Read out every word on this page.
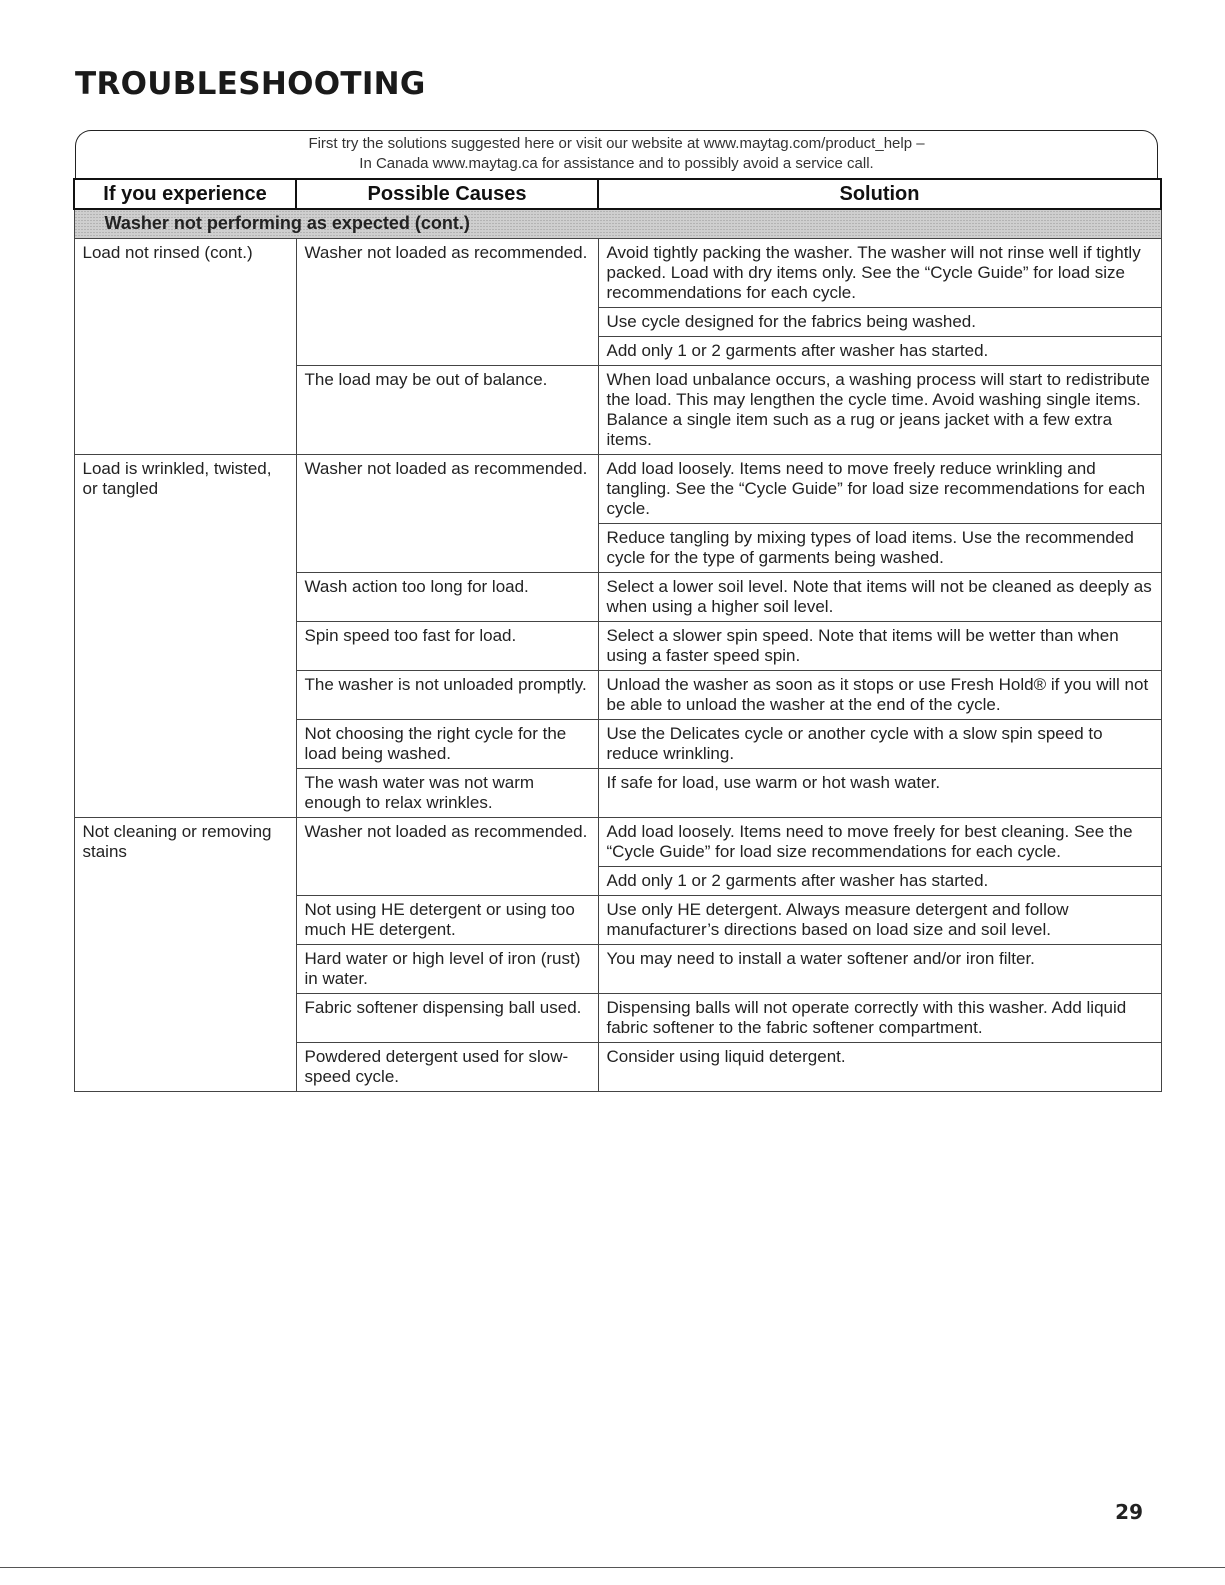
TROUBLESHOOTING
First try the solutions suggested here or visit our website at www.maytag.com/product_help –
In Canada www.maytag.ca for assistance and to possibly avoid a service call.
If you experience	Possible Causes	Solution
Washer not performing as expected (cont.)		
Load not rinsed (cont.)	Washer not loaded as recommended.	Avoid tightly packing the washer. The washer will not rinse well if tightly packed. Load with dry items only. See the “Cycle Guide” for load size recommendations for each cycle.
		Use cycle designed for the fabrics being washed.
		Add only 1 or 2 garments after washer has started.
	The load may be out of balance.	When load unbalance occurs, a washing process will start to redistribute the load. This may lengthen the cycle time. Avoid washing single items. Balance a single item such as a rug or jeans jacket with a few extra items.
Load is wrinkled, twisted, or tangled	Washer not loaded as recommended.	Add load loosely. Items need to move freely reduce wrinkling and tangling. See the “Cycle Guide” for load size recommendations for each cycle.
		Reduce tangling by mixing types of load items. Use the recommended cycle for the type of garments being washed.
	Wash action too long for load.	Select a lower soil level. Note that items will not be cleaned as deeply as when using a higher soil level.
	Spin speed too fast for load.	Select a slower spin speed. Note that items will be wetter than when using a faster speed spin.
	The washer is not unloaded promptly.	Unload the washer as soon as it stops or use Fresh Hold® if you will not be able to unload the washer at the end of the cycle.
	Not choosing the right cycle for the load being washed.	Use the Delicates cycle or another cycle with a slow spin speed to reduce wrinkling.
	The wash water was not warm enough to relax wrinkles.	If safe for load, use warm or hot wash water.
Not cleaning or removing stains	Washer not loaded as recommended.	Add load loosely. Items need to move freely for best cleaning. See the “Cycle Guide” for load size recommendations for each cycle.
		Add only 1 or 2 garments after washer has started.
	Not using HE detergent or using too much HE detergent.	Use only HE detergent. Always measure detergent and follow manufacturer’s directions based on load size and soil level.
	Hard water or high level of iron (rust) in water.	You may need to install a water softener and/or iron filter.
	Fabric softener dispensing ball used.	Dispensing balls will not operate correctly with this washer. Add liquid fabric softener to the fabric softener compartment.
	Powdered detergent used for slow-speed cycle.	Consider using liquid detergent.
29
